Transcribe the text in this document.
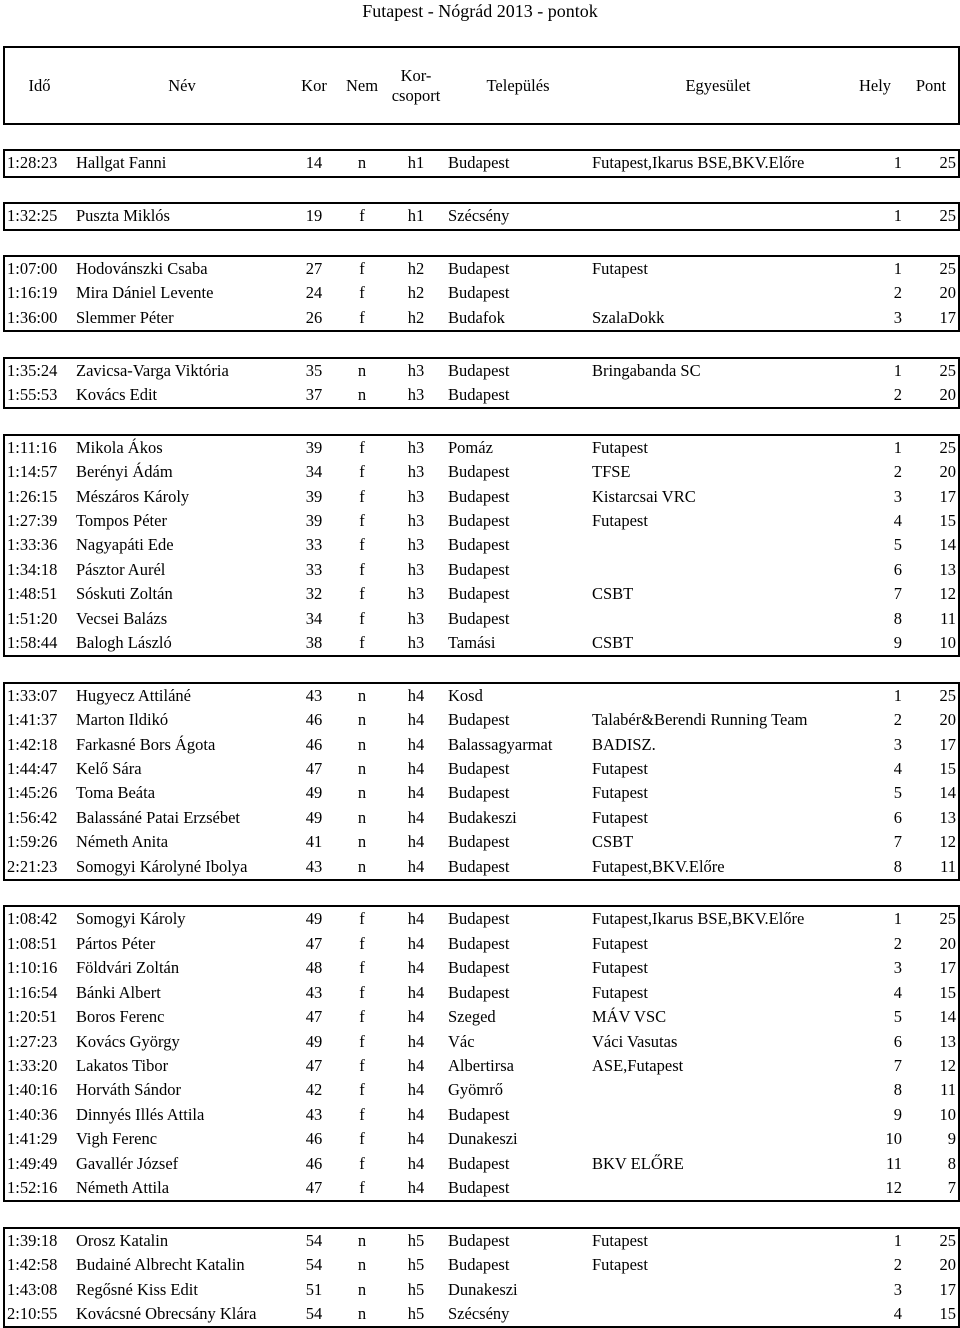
Futapest - Nógrád 2013 - pontok
Idő	Név	Kor	Nem	Kor-
csoport	Település	Egyesület	Hely	Pont

1:28:23	Hallgat Fanni	14	n	h1	Budapest	Futapest,Ikarus BSE,BKV.Előre	1	25

1:32:25	Puszta Miklós	19	f	h1	Szécsény		1	25

1:07:00	Hodovánszki Csaba	27	f	h2	Budapest	Futapest	1	25
1:16:19	Mira Dániel Levente	24	f	h2	Budapest		2	20
1:36:00	Slemmer Péter	26	f	h2	Budafok	SzalaDokk	3	17

1:35:24	Zavicsa-Varga Viktória	35	n	h3	Budapest	Bringabanda SC	1	25
1:55:53	Kovács Edit	37	n	h3	Budapest		2	20

1:11:16	Mikola Ákos	39	f	h3	Pomáz	Futapest	1	25
1:14:57	Berényi Ádám	34	f	h3	Budapest	TFSE	2	20
1:26:15	Mészáros Károly	39	f	h3	Budapest	Kistarcsai VRC	3	17
1:27:39	Tompos Péter	39	f	h3	Budapest	Futapest	4	15
1:33:36	Nagyapáti Ede	33	f	h3	Budapest		5	14
1:34:18	Pásztor Aurél	33	f	h3	Budapest		6	13
1:48:51	Sóskuti Zoltán	32	f	h3	Budapest	CSBT	7	12
1:51:20	Vecsei Balázs	34	f	h3	Budapest		8	11
1:58:44	Balogh László	38	f	h3	Tamási	CSBT	9	10

1:33:07	Hugyecz Attiláné	43	n	h4	Kosd		1	25
1:41:37	Marton Ildikó	46	n	h4	Budapest	Talabér&Berendi Running Team	2	20
1:42:18	Farkasné Bors Ágota	46	n	h4	Balassagyarmat	BADISZ.	3	17
1:44:47	Kelő Sára	47	n	h4	Budapest	Futapest	4	15
1:45:26	Toma Beáta	49	n	h4	Budapest	Futapest	5	14
1:56:42	Balassáné Patai Erzsébet	49	n	h4	Budakeszi	Futapest	6	13
1:59:26	Németh Anita	41	n	h4	Budapest	CSBT	7	12
2:21:23	Somogyi Károlyné Ibolya	43	n	h4	Budapest	Futapest,BKV.Előre	8	11

1:08:42	Somogyi Károly	49	f	h4	Budapest	Futapest,Ikarus BSE,BKV.Előre	1	25
1:08:51	Pártos Péter	47	f	h4	Budapest	Futapest	2	20
1:10:16	Földvári Zoltán	48	f	h4	Budapest	Futapest	3	17
1:16:54	Bánki Albert	43	f	h4	Budapest	Futapest	4	15
1:20:51	Boros Ferenc	47	f	h4	Szeged	MÁV VSC	5	14
1:27:23	Kovács György	49	f	h4	Vác	Váci Vasutas	6	13
1:33:20	Lakatos Tibor	47	f	h4	Albertirsa	ASE,Futapest	7	12
1:40:16	Horváth Sándor	42	f	h4	Gyömrő		8	11
1:40:36	Dinnyés Illés Attila	43	f	h4	Budapest		9	10
1:41:29	Vigh Ferenc	46	f	h4	Dunakeszi		10	9
1:49:49	Gavallér József	46	f	h4	Budapest	BKV ELŐRE	11	8
1:52:16	Németh Attila	47	f	h4	Budapest		12	7

1:39:18	Orosz Katalin	54	n	h5	Budapest	Futapest	1	25
1:42:58	Budainé Albrecht Katalin	54	n	h5	Budapest	Futapest	2	20
1:43:08	Regősné Kiss Edit	51	n	h5	Dunakeszi		3	17
2:10:55	Kovácsné Obrecsány Klára	54	n	h5	Szécsény		4	15
